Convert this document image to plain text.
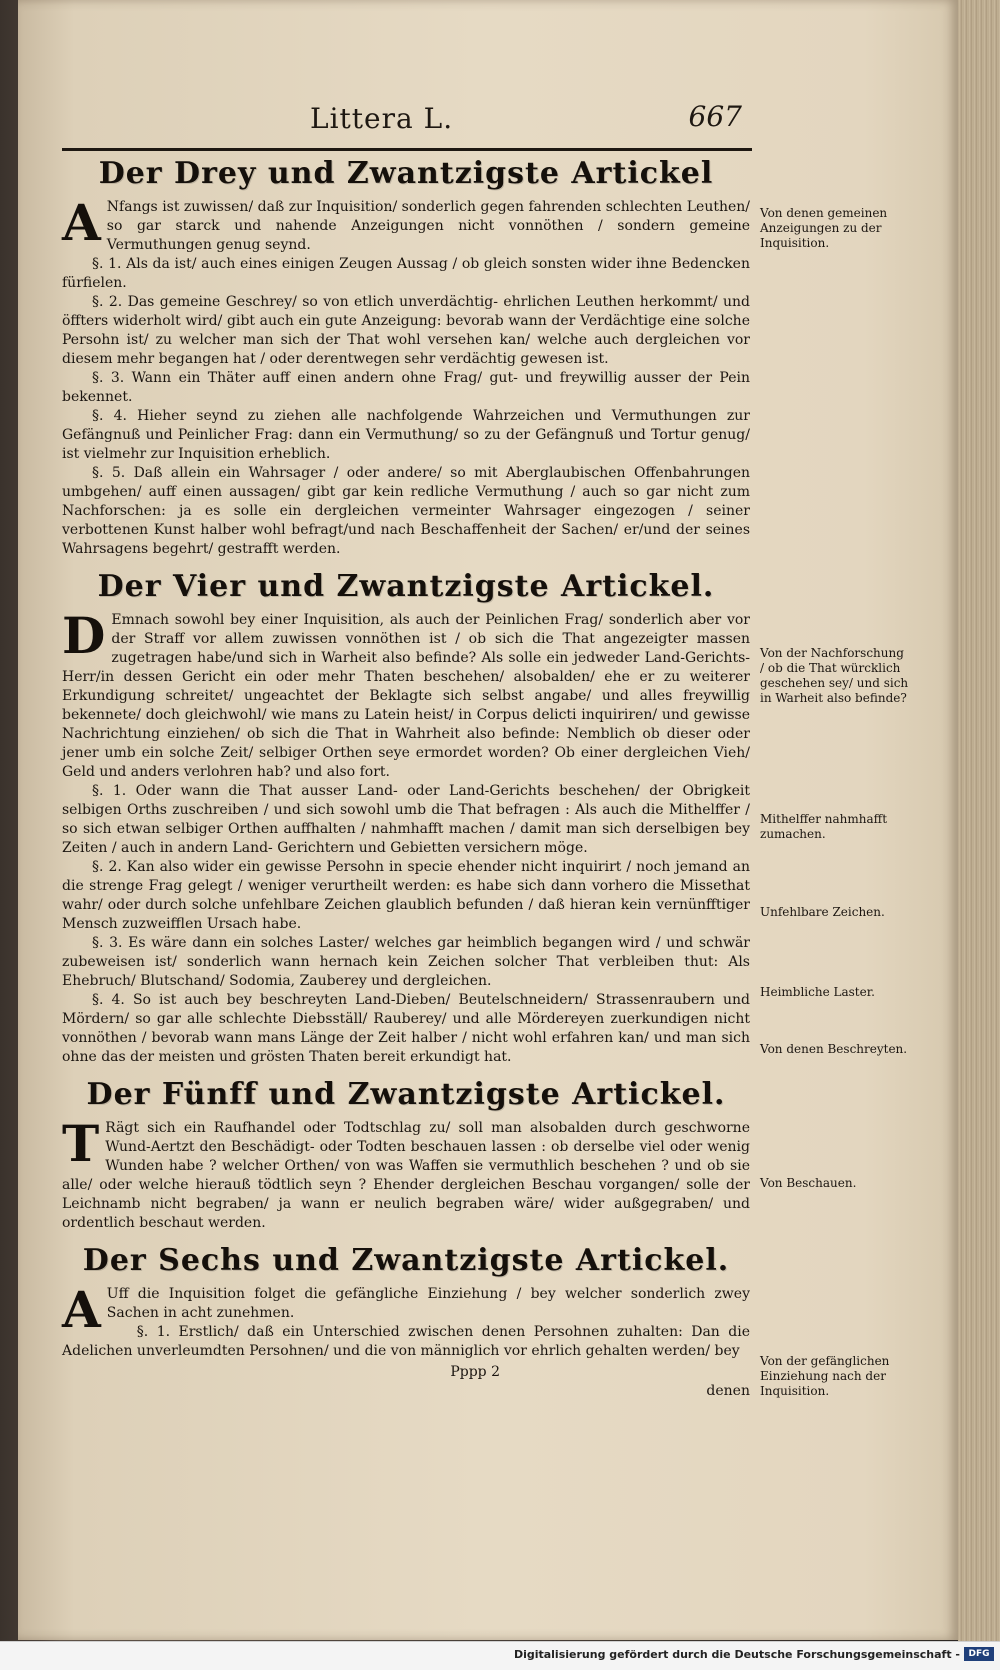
Littera L.	667
Der Drey und Zwantzigste Artickel

A Nfangs ist zuwissen/ daß zur Inquisition/ sonderlich gegen fahrenden schlechten Leuthen/ so gar starck und nahende Anzeigungen nicht vonnöthen / sondern gemeine Vermuthungen genug seynd.

§. 1. Als da ist/ auch eines einigen Zeugen Aussag / ob gleich sonsten wider ihne Bedencken fürfielen.

§. 2. Das gemeine Geschrey/ so von etlich unverdächtig- ehrlichen Leuthen herkommt/ und öffters widerholt wird/ gibt auch ein gute Anzeigung: bevorab wann der Verdächtige eine solche Persohn ist/ zu welcher man sich der That wohl versehen kan/ welche auch dergleichen vor diesem mehr begangen hat / oder derentwegen sehr verdächtig gewesen ist.

§. 3. Wann ein Thäter auff einen andern ohne Frag/ gut- und freywillig ausser der Pein bekennet.

§. 4. Hieher seynd zu ziehen alle nachfolgende Wahrzeichen und Vermuthungen zur Gefängnuß und Peinlicher Frag: dann ein Vermuthung/ so zu der Gefängnuß und Tortur genug/ ist vielmehr zur Inquisition erheblich.

§. 5. Daß allein ein Wahrsager / oder andere/ so mit Aberglaubischen Offenbahrungen umbgehen/ auff einen aussagen/ gibt gar kein redliche Vermuthung / auch so gar nicht zum Nachforschen: ja es solle ein dergleichen vermeinter Wahrsager eingezogen / seiner verbottenen Kunst halber wohl befragt/und nach Beschaffenheit der Sachen/ er/und der seines Wahrsagens begehrt/ gestrafft werden.

Der Vier und Zwantzigste Artickel.

D Emnach sowohl bey einer Inquisition, als auch der Peinlichen Frag/ sonderlich aber vor der Straff vor allem zuwissen vonnöthen ist / ob sich die That angezeigter massen zugetragen habe/und sich in Warheit also befinde? Als solle ein jedweder Land-Gerichts-Herr/in dessen Gericht ein oder mehr Thaten beschehen/ alsobalden/ ehe er zu weiterer Erkundigung schreitet/ ungeachtet der Beklagte sich selbst angabe/ und alles freywillig bekennete/ doch gleichwohl/ wie mans zu Latein heist/ in Corpus delicti inquiriren/ und gewisse Nachrichtung einziehen/ ob sich die That in Wahrheit also befinde: Nemblich ob dieser oder jener umb ein solche Zeit/ selbiger Orthen seye ermordet worden? Ob einer dergleichen Vieh/ Geld und anders verlohren hab? und also fort.

§. 1. Oder wann die That ausser Land- oder Land-Gerichts beschehen/ der Obrigkeit selbigen Orths zuschreiben / und sich sowohl umb die That befragen : Als auch die Mithelffer / so sich etwan selbiger Orthen auffhalten / nahmhafft machen / damit man sich derselbigen bey Zeiten / auch in andern Land- Gerichtern und Gebietten versichern möge.

§. 2. Kan also wider ein gewisse Persohn in specie ehender nicht inquirirt / noch jemand an die strenge Frag gelegt / weniger verurtheilt werden: es habe sich dann vorhero die Missethat wahr/ oder durch solche unfehlbare Zeichen glaublich befunden / daß hieran kein vernünfftiger Mensch zuzweifflen Ursach habe.

§. 3. Es wäre dann ein solches Laster/ welches gar heimblich begangen wird / und schwär zubeweisen ist/ sonderlich wann hernach kein Zeichen solcher That verbleiben thut: Als Ehebruch/ Blutschand/ Sodomia, Zauberey und dergleichen.

§. 4. So ist auch bey beschreyten Land-Dieben/ Beutelschneidern/ Strassenraubern und Mördern/ so gar alle schlechte Diebsställ/ Rauberey/ und alle Mördereyen zuerkundigen nicht vonnöthen / bevorab wann mans Länge der Zeit halber / nicht wohl erfahren kan/ und man sich ohne das der meisten und grösten Thaten bereit erkundigt hat.

Der Fünff und Zwantzigste Artickel.

T Rägt sich ein Raufhandel oder Todtschlag zu/ soll man alsobalden durch geschworne Wund-Aertzt den Beschädigt- oder Todten beschauen lassen : ob derselbe viel oder wenig Wunden habe ? welcher Orthen/ von was Waffen sie vermuthlich beschehen ? und ob sie alle/ oder welche hierauß tödtlich seyn ? Ehender dergleichen Beschau vorgangen/ solle der Leichnamb nicht begraben/ ja wann er neulich begraben wäre/ wider außgegraben/ und ordentlich beschaut werden.

Der Sechs und Zwantzigste Artickel.

A Uff die Inquisition folget die gefängliche Einziehung / bey welcher sonderlich zwey Sachen in acht zunehmen.

§. 1. Erstlich/ daß ein Unterschied zwischen denen Persohnen zuhalten: Dan die Adelichen unverleumdten Persohnen/ und die von männiglich vor ehrlich gehalten werden/ bey

Pppp 2
denen
Von denen gemeinen Anzeigungen zu der Inquisition.
Von der Nachforschung / ob die That würcklich geschehen sey/ und sich in Warheit also befinde?
Mithelffer nahmhafft zumachen.
Unfehlbare Zeichen.
Heimbliche Laster.
Von denen Beschreyten.
Von Beschauen.
Von der gefänglichen Einziehung nach der Inquisition.
Digitalisierung gefördert durch die Deutsche Forschungsgemeinschaft - DFG
